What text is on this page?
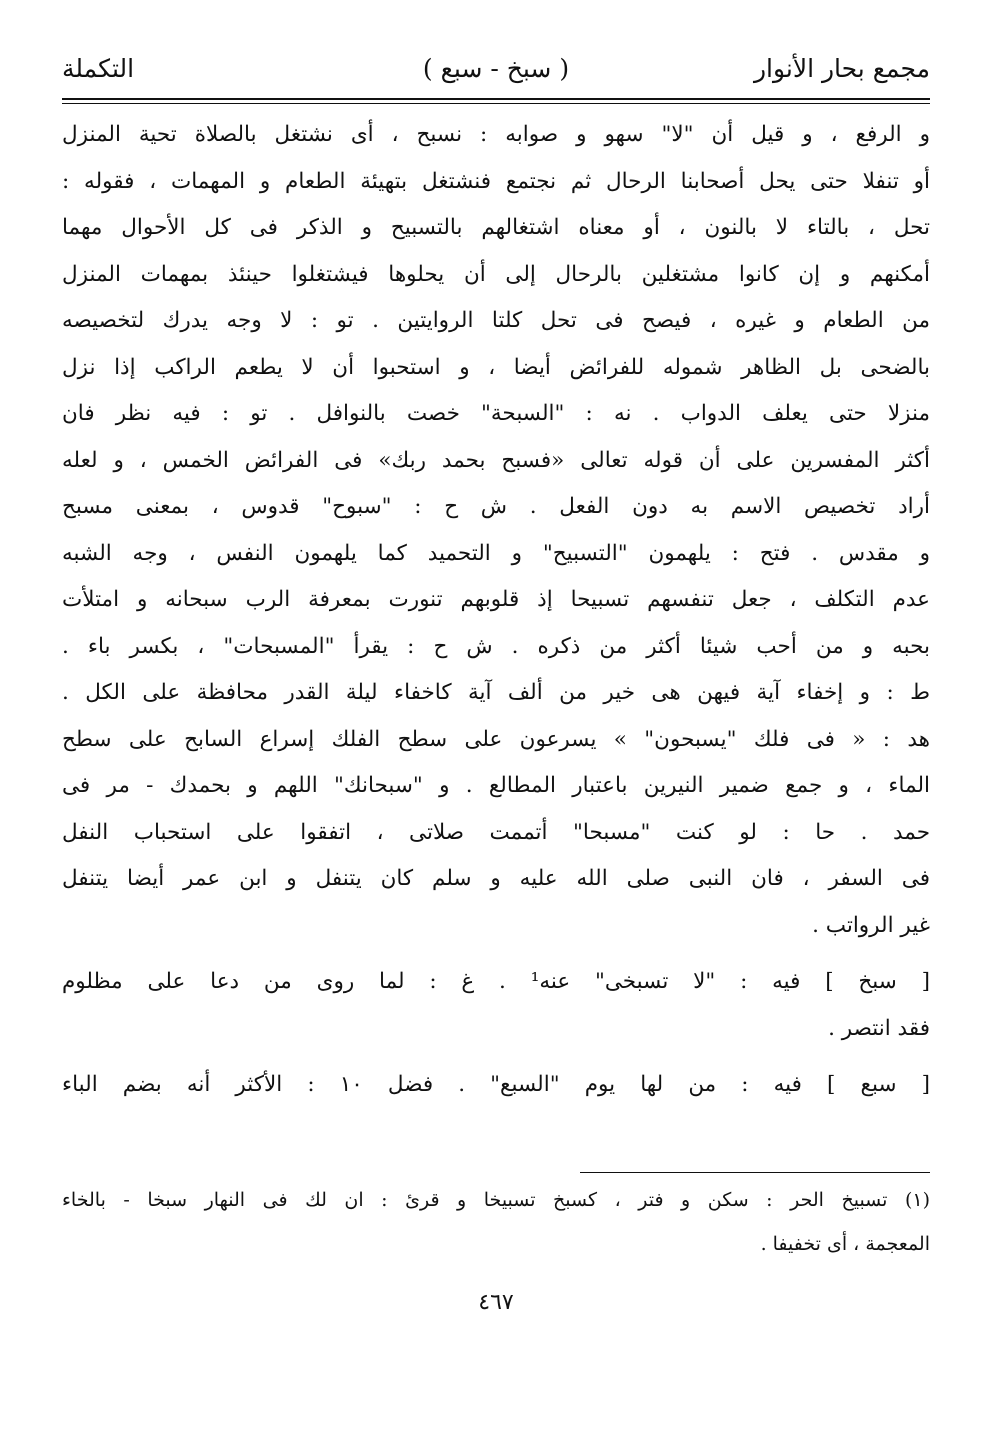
مجمع بحار الأنوار
( سبخ - سبع )
التكملة
و الرفع ، و قيل أن "لا" سهو و صوابه : نسبح ، أى نشتغل بالصلاة تحية المنزل
أو تنفلا حتى يحل أصحابنا الرحال ثم نجتمع فنشتغل بتهيئة الطعام و المهمات ، فقوله :
تحل ، بالتاء لا بالنون ، أو معناه اشتغالهم بالتسبيح و الذكر فى كل الأحوال مهما
أمكنهم و إن كانوا مشتغلين بالرحال إلى أن يحلوها فيشتغلوا حينئذ بمهمات المنزل
من الطعام و غيره ، فيصح فى تحل كلتا الروايتين . تو : لا وجه يدرك لتخصيصه
بالضحى بل الظاهر شموله للفرائض أيضا ، و استحبوا أن لا يطعم الراكب إذا نزل
منزلا حتى يعلف الدواب . نه : "السبحة" خصت بالنوافل . تو : فيه نظر فان
أكثر المفسرين على أن قوله تعالى «فسبح بحمد ربك» فى الفرائض الخمس ، و لعله
أراد تخصيص الاسم به دون الفعل . ش ح : "سبوح" قدوس ، بمعنى مسبح
و مقدس . فتح : يلهمون "التسبيح" و التحميد كما يلهمون النفس ، وجه الشبه
عدم التكلف ، جعل تنفسهم تسبيحا إذ قلوبهم تنورت بمعرفة الرب سبحانه و امتلأت
بحبه و من أحب شيئا أكثر من ذكره . ش ح : يقرأ "المسبحات" ، بكسر باء .
ط : و إخفاء آية فيهن هى خير من ألف آية كاخفاء ليلة القدر محافظة على الكل .
هد : « فى فلك "يسبحون" » يسرعون على سطح الفلك إسراع السابح على سطح
الماء ، و جمع ضمير النيرين باعتبار المطالع . و "سبحانك" اللهم و بحمدك - مر فى
حمد . حا : لو كنت "مسبحا" أتممت صلاتى ، اتفقوا على استحباب النفل
فى السفر ، فان النبى صلى الله عليه و سلم كان يتنفل و ابن عمر أيضا يتنفل
غير الرواتب .
[ سبخ ] فيه : "لا تسبخى" عنه¹ . غ : لما روى من دعا على مظلوم
فقد انتصر .
[ سبع ] فيه : من لها يوم "السبع" . فضل ١٠ : الأكثر أنه بضم الباء
(١) تسبيخ الحر : سكن و فتر ، كسبخ تسبيخا و قرئ : ان لك فى النهار سبخا - بالخاء
المعجمة ، أى تخفيفا .
٤٦٧
